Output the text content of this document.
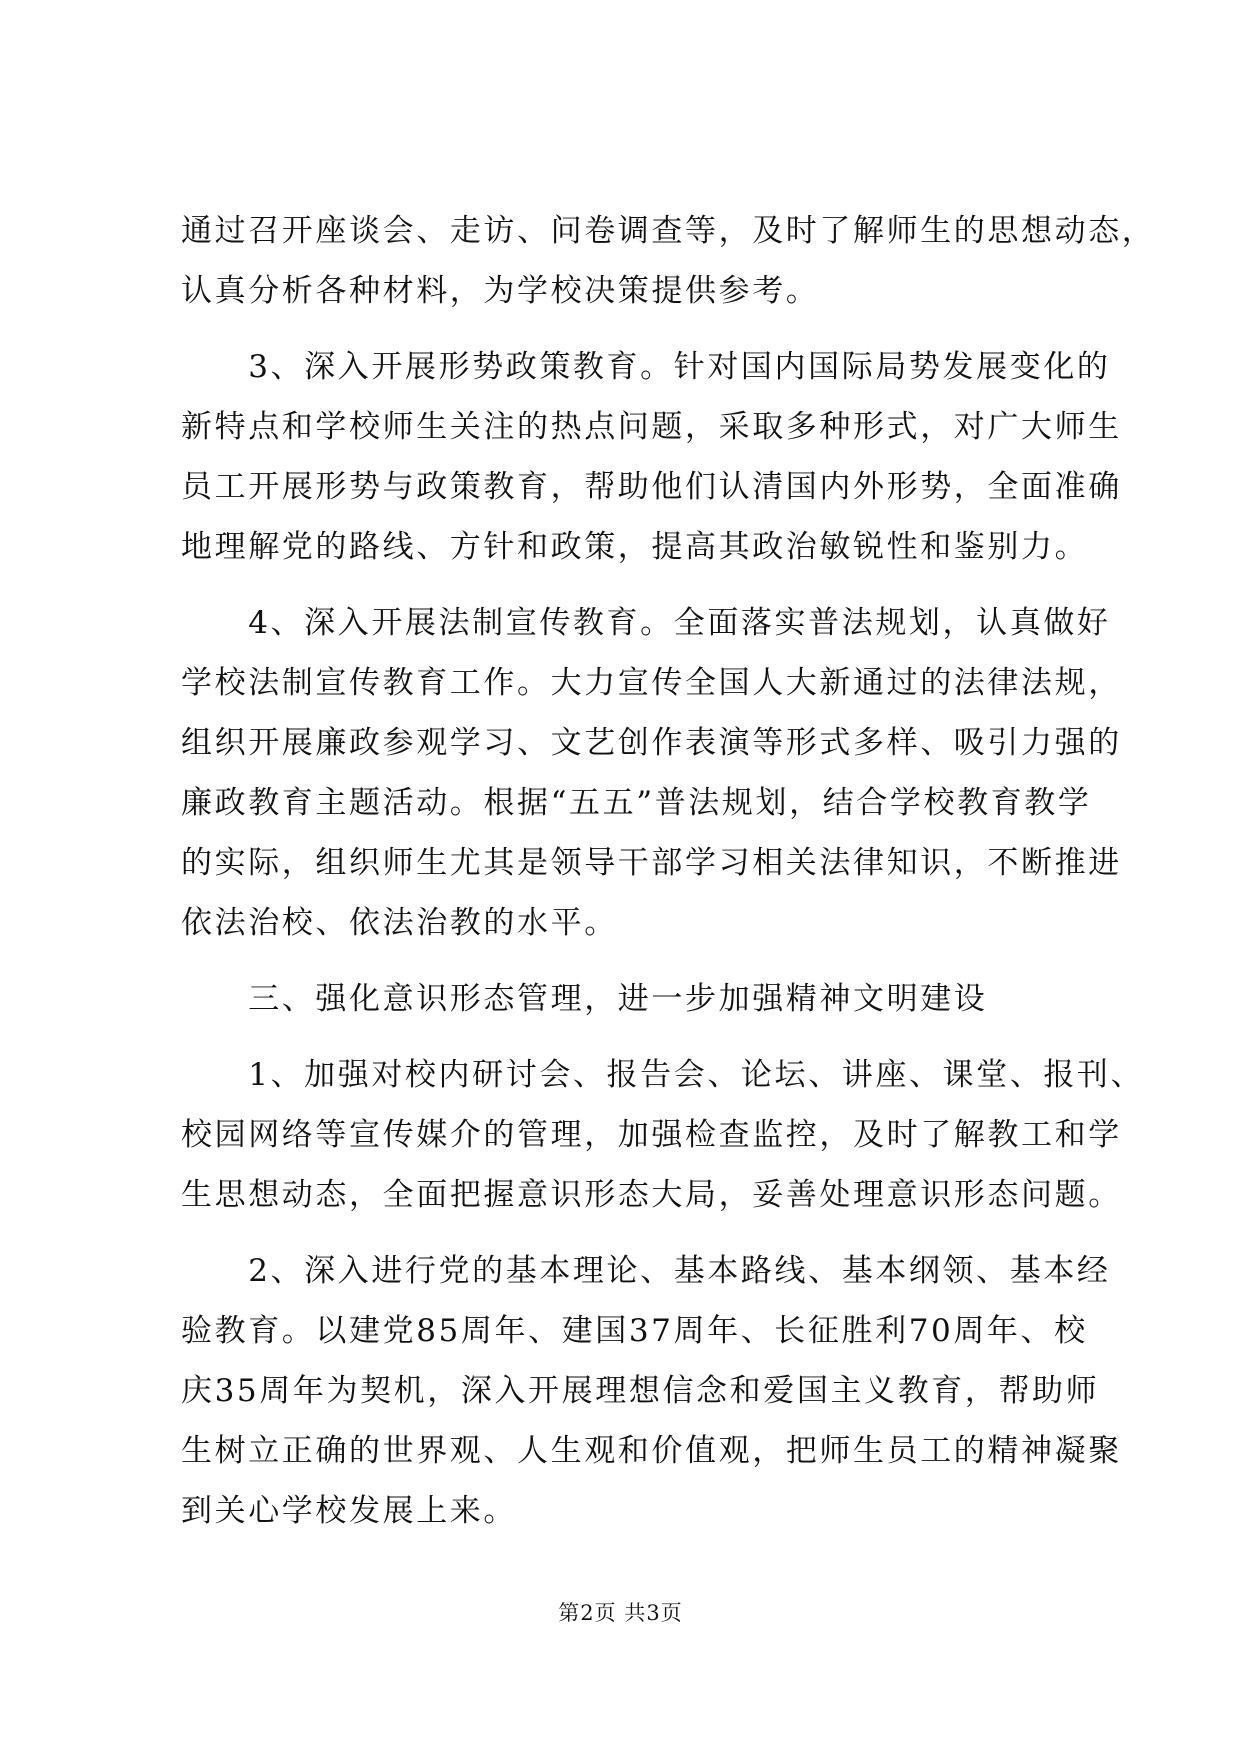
通过召开座谈会、走访、问卷调查等，及时了解师生的思想动态，
认真分析各种材料，为学校决策提供参考。
　　3、深入开展形势政策教育。针对国内国际局势发展变化的
新特点和学校师生关注的热点问题，采取多种形式，对广大师生
员工开展形势与政策教育，帮助他们认清国内外形势，全面准确
地理解党的路线、方针和政策，提高其政治敏锐性和鉴别力。
　　4、深入开展法制宣传教育。全面落实普法规划，认真做好
学校法制宣传教育工作。大力宣传全国人大新通过的法律法规，
组织开展廉政参观学习、文艺创作表演等形式多样、吸引力强的
廉政教育主题活动。根据“五五”普法规划，结合学校教育教学
的实际，组织师生尤其是领导干部学习相关法律知识，不断推进
依法治校、依法治教的水平。
　　三、强化意识形态管理，进一步加强精神文明建设
　　1、加强对校内研讨会、报告会、论坛、讲座、课堂、报刊、
校园网络等宣传媒介的管理，加强检查监控，及时了解教工和学
生思想动态，全面把握意识形态大局，妥善处理意识形态问题。
　　2、深入进行党的基本理论、基本路线、基本纲领、基本经
验教育。以建党85周年、建国37周年、长征胜利70周年、校
庆35周年为契机，深入开展理想信念和爱国主义教育，帮助师
生树立正确的世界观、人生观和价值观，把师生员工的精神凝聚
到关心学校发展上来。
第2页 共3页
